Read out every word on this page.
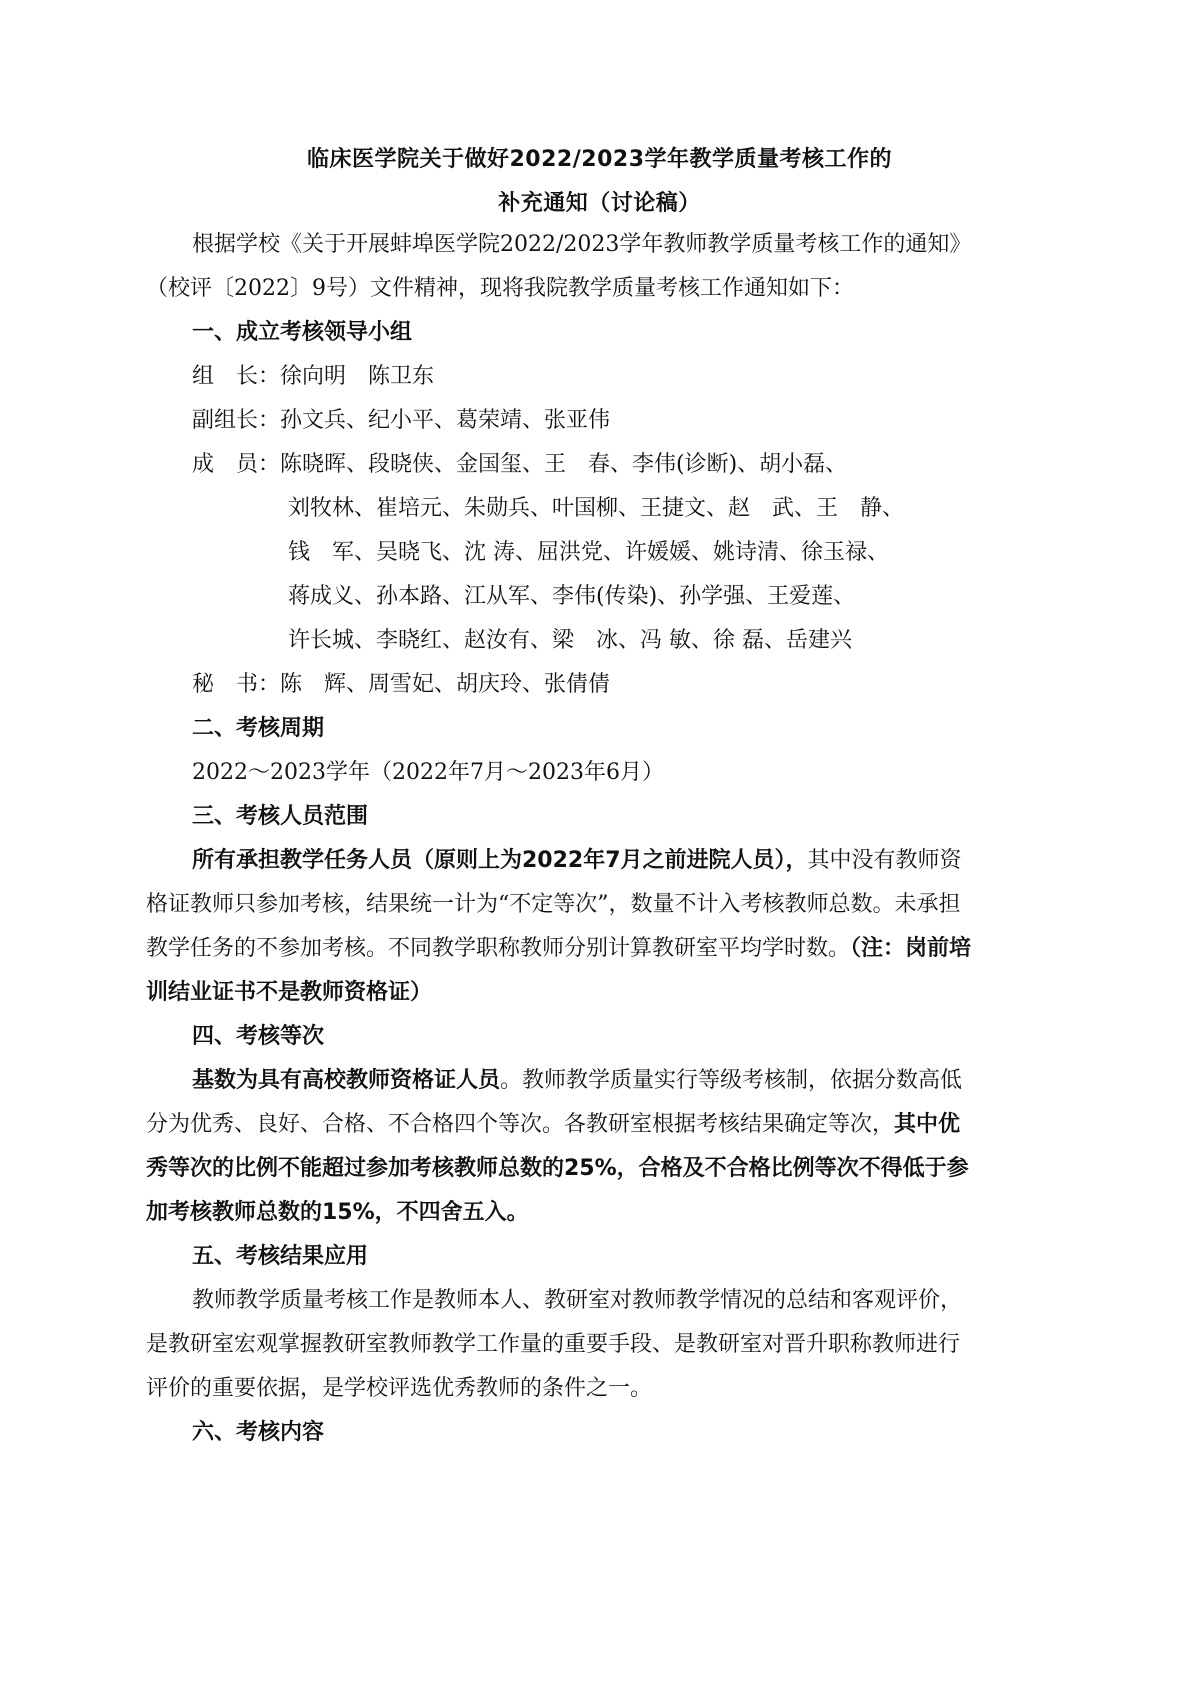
临床医学院关于做好2022/2023学年教学质量考核工作的
补充通知（讨论稿）
根据学校《关于开展蚌埠医学院2022/2023学年教师教学质量考核工作的通知》
（校评〔2022〕9号）文件精神，现将我院教学质量考核工作通知如下：
一、成立考核领导小组
组　长：徐向明　陈卫东
副组长：孙文兵、纪小平、葛荣靖、张亚伟
成　员：陈晓晖、段晓侠、金国玺、王　春、李伟(诊断)、胡小磊、
刘牧林、崔培元、朱勋兵、叶国柳、王捷文、赵　武、王　静、
钱　军、吴晓飞、沈 涛、屈洪党、许媛媛、姚诗清、徐玉禄、
蒋成义、孙本路、江从军、李伟(传染)、孙学强、王爱莲、
许长城、李晓红、赵汝有、梁　冰、冯 敏、徐 磊、岳建兴
秘　书：陈　辉、周雪妃、胡庆玲、张倩倩
二、考核周期
2022～2023学年（2022年7月～2023年6月）
三、考核人员范围
所有承担教学任务人员（原则上为2022年7月之前进院人员），其中没有教师资
格证教师只参加考核，结果统一计为“不定等次”，数量不计入考核教师总数。未承担
教学任务的不参加考核。不同教学职称教师分别计算教研室平均学时数。（注：岗前培
训结业证书不是教师资格证）
四、考核等次
基数为具有高校教师资格证人员。教师教学质量实行等级考核制，依据分数高低
分为优秀、良好、合格、不合格四个等次。各教研室根据考核结果确定等次，其中优
秀等次的比例不能超过参加考核教师总数的25%，合格及不合格比例等次不得低于参
加考核教师总数的15%，不四舍五入。
五、考核结果应用
教师教学质量考核工作是教师本人、教研室对教师教学情况的总结和客观评价，
是教研室宏观掌握教研室教师教学工作量的重要手段、是教研室对晋升职称教师进行
评价的重要依据，是学校评选优秀教师的条件之一。
六、考核内容
